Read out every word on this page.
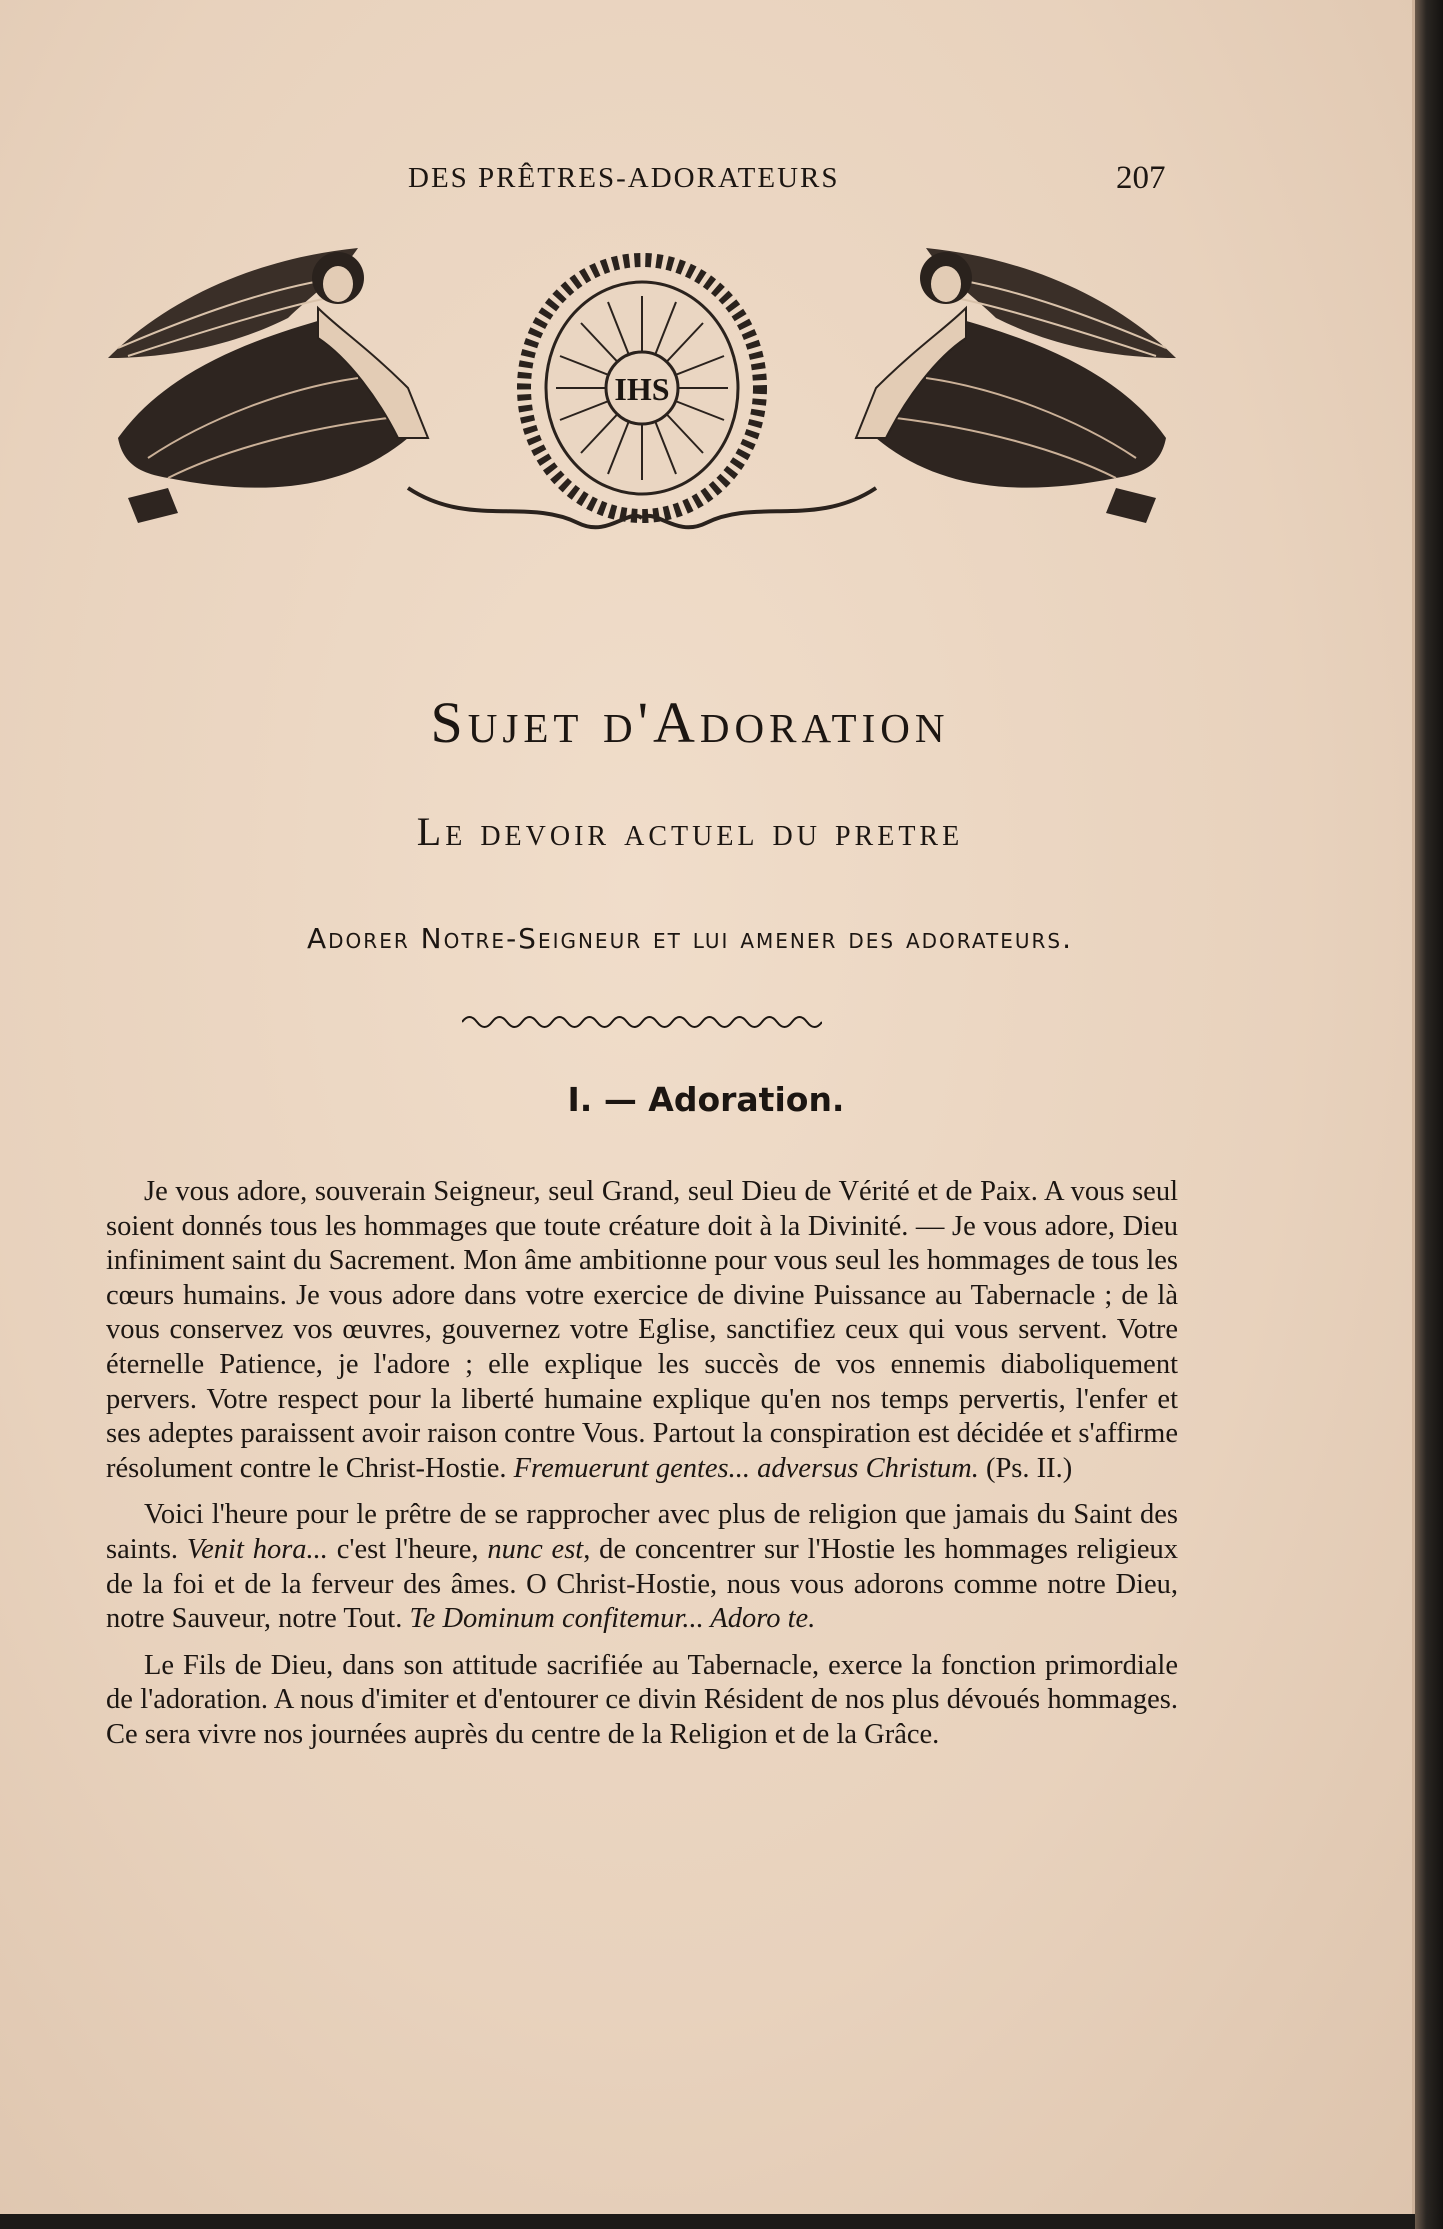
DES PRÊTRES-ADORATEURS	207
IHS
Sujet d'Adoration
Le devoir actuel du pretre
Adorer Notre-Seigneur et lui amener des adorateurs.
I. — Adoration.

Je vous adore, souverain Seigneur, seul Grand, seul Dieu de Vérité et de Paix. A vous seul soient donnés tous les hommages que toute créature doit à la Divinité. — Je vous adore, Dieu infiniment saint du Sacrement. Mon âme ambitionne pour vous seul les hommages de tous les cœurs humains. Je vous adore dans votre exercice de divine Puissance au Tabernacle ; de là vous conservez vos œuvres, gouvernez votre Eglise, sanctifiez ceux qui vous servent. Votre éternelle Patience, je l'adore ; elle explique les succès de vos ennemis diaboliquement pervers. Votre respect pour la liberté humaine explique qu'en nos temps pervertis, l'enfer et ses adeptes paraissent avoir raison contre Vous. Partout la conspiration est décidée et s'affirme résolument contre le Christ-Hostie. Fremuerunt gentes... adversus Christum. (Ps. II.)

Voici l'heure pour le prêtre de se rapprocher avec plus de religion que jamais du Saint des saints. Venit hora... c'est l'heure, nunc est, de concentrer sur l'Hostie les hommages religieux de la foi et de la ferveur des âmes. O Christ-Hostie, nous vous adorons comme notre Dieu, notre Sauveur, notre Tout. Te Dominum confitemur... Adoro te.

Le Fils de Dieu, dans son attitude sacrifiée au Tabernacle, exerce la fonction primordiale de l'adoration. A nous d'imiter et d'entourer ce divin Résident de nos plus dévoués hommages. Ce sera vivre nos journées auprès du centre de la Religion et de la Grâce.
